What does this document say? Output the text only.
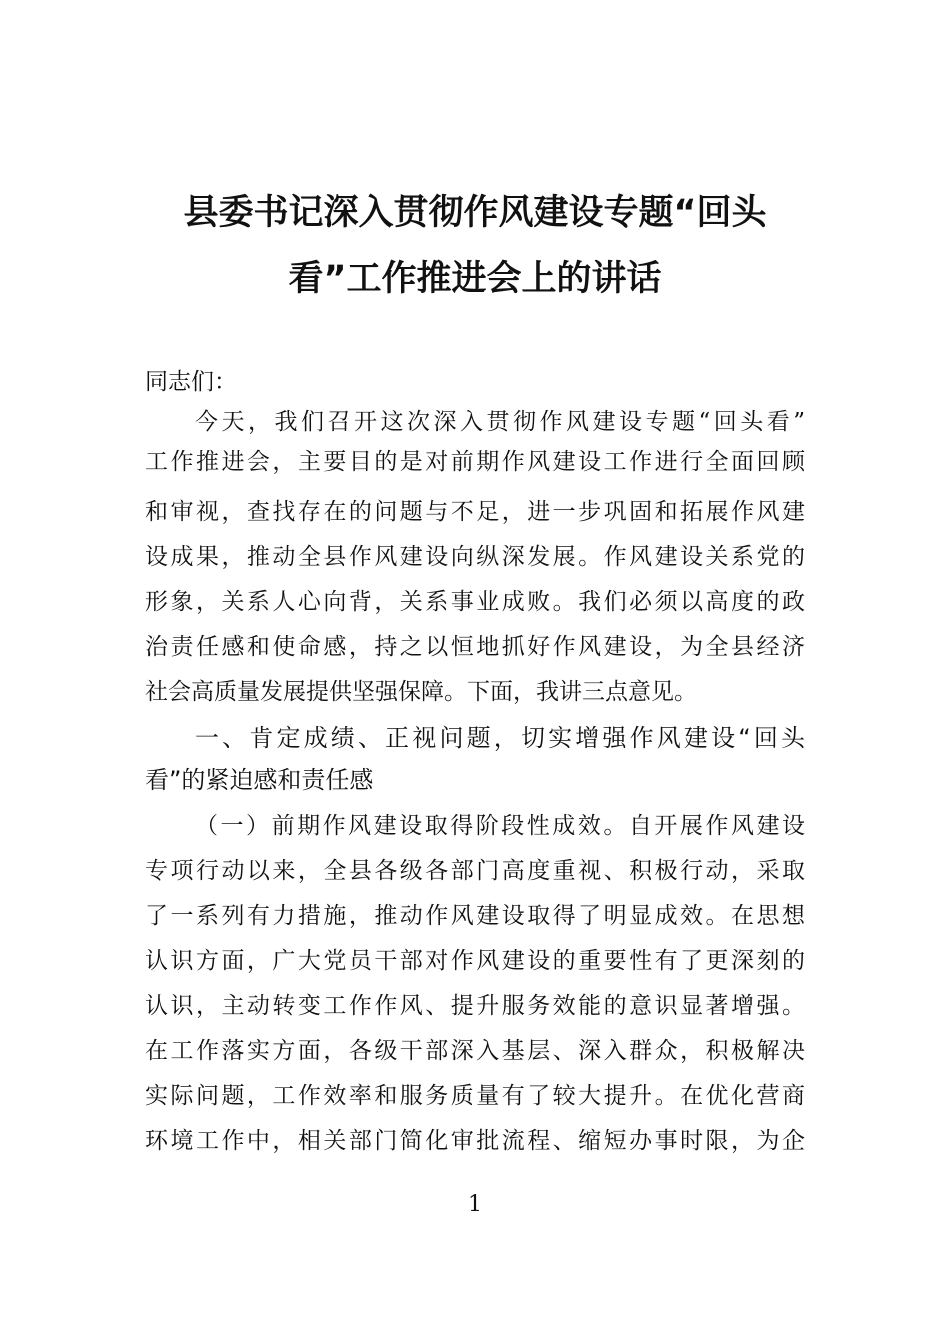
县委书记深入贯彻作风建设专题“回头
看”工作推进会上的讲话
同志们：
今天，我们召开这次深入贯彻作风建设专题“回头看”
工作推进会，主要目的是对前期作风建设工作进行全面回顾
和审视，查找存在的问题与不足，进一步巩固和拓展作风建
设成果，推动全县作风建设向纵深发展。作风建设关系党的
形象，关系人心向背，关系事业成败。我们必须以高度的政
治责任感和使命感，持之以恒地抓好作风建设，为全县经济
社会高质量发展提供坚强保障。下面，我讲三点意见。
一、肯定成绩、正视问题，切实增强作风建设“回头
看”的紧迫感和责任感
（一）前期作风建设取得阶段性成效。自开展作风建设
专项行动以来，全县各级各部门高度重视、积极行动，采取
了一系列有力措施，推动作风建设取得了明显成效。在思想
认识方面，广大党员干部对作风建设的重要性有了更深刻的
认识，主动转变工作作风、提升服务效能的意识显著增强。
在工作落实方面，各级干部深入基层、深入群众，积极解决
实际问题，工作效率和服务质量有了较大提升。在优化营商
环境工作中，相关部门简化审批流程、缩短办事时限，为企
1
